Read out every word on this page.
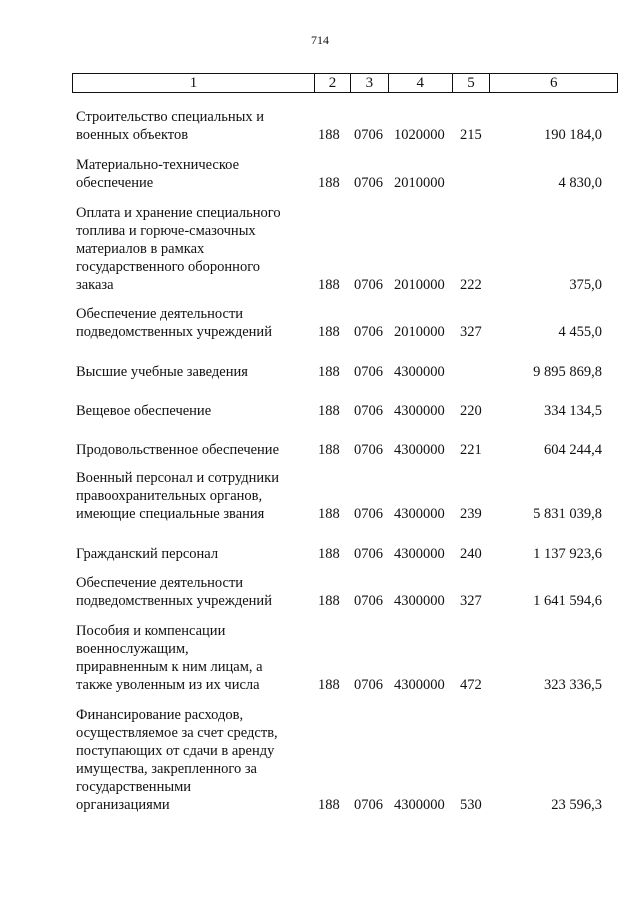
714
1	2	3	4	5	6
Строительство специальных и
военных объектов	188 0706 1020000 215	190 184,0
Материально-техническое
обеспечение	188 0706 2010000	4 830,0
Оплата и хранение специального
топлива и горюче-смазочных
материалов в рамках
государственного оборонного
заказа	188 0706 2010000 222	375,0
Обеспечение деятельности
подведомственных учреждений	188 0706 2010000 327	4 455,0
Высшие учебные заведения	188 0706 4300000	9 895 869,8
Вещевое обеспечение	188 0706 4300000 220	334 134,5
Продовольственное обеспечение	188 0706 4300000 221	604 244,4
Военный персонал и сотрудники
правоохранительных органов,
имеющие специальные звания	188 0706 4300000 239	5 831 039,8
Гражданский персонал	188 0706 4300000 240	1 137 923,6
Обеспечение деятельности
подведомственных учреждений	188 0706 4300000 327	1 641 594,6
Пособия и компенсации
военнослужащим,
приравненным к ним лицам, а
также уволенным из их числа	188 0706 4300000 472	323 336,5
Финансирование расходов,
осуществляемое за счет средств,
поступающих от сдачи в аренду
имущества, закрепленного за
государственными
организациями	188 0706 4300000 530	23 596,3
